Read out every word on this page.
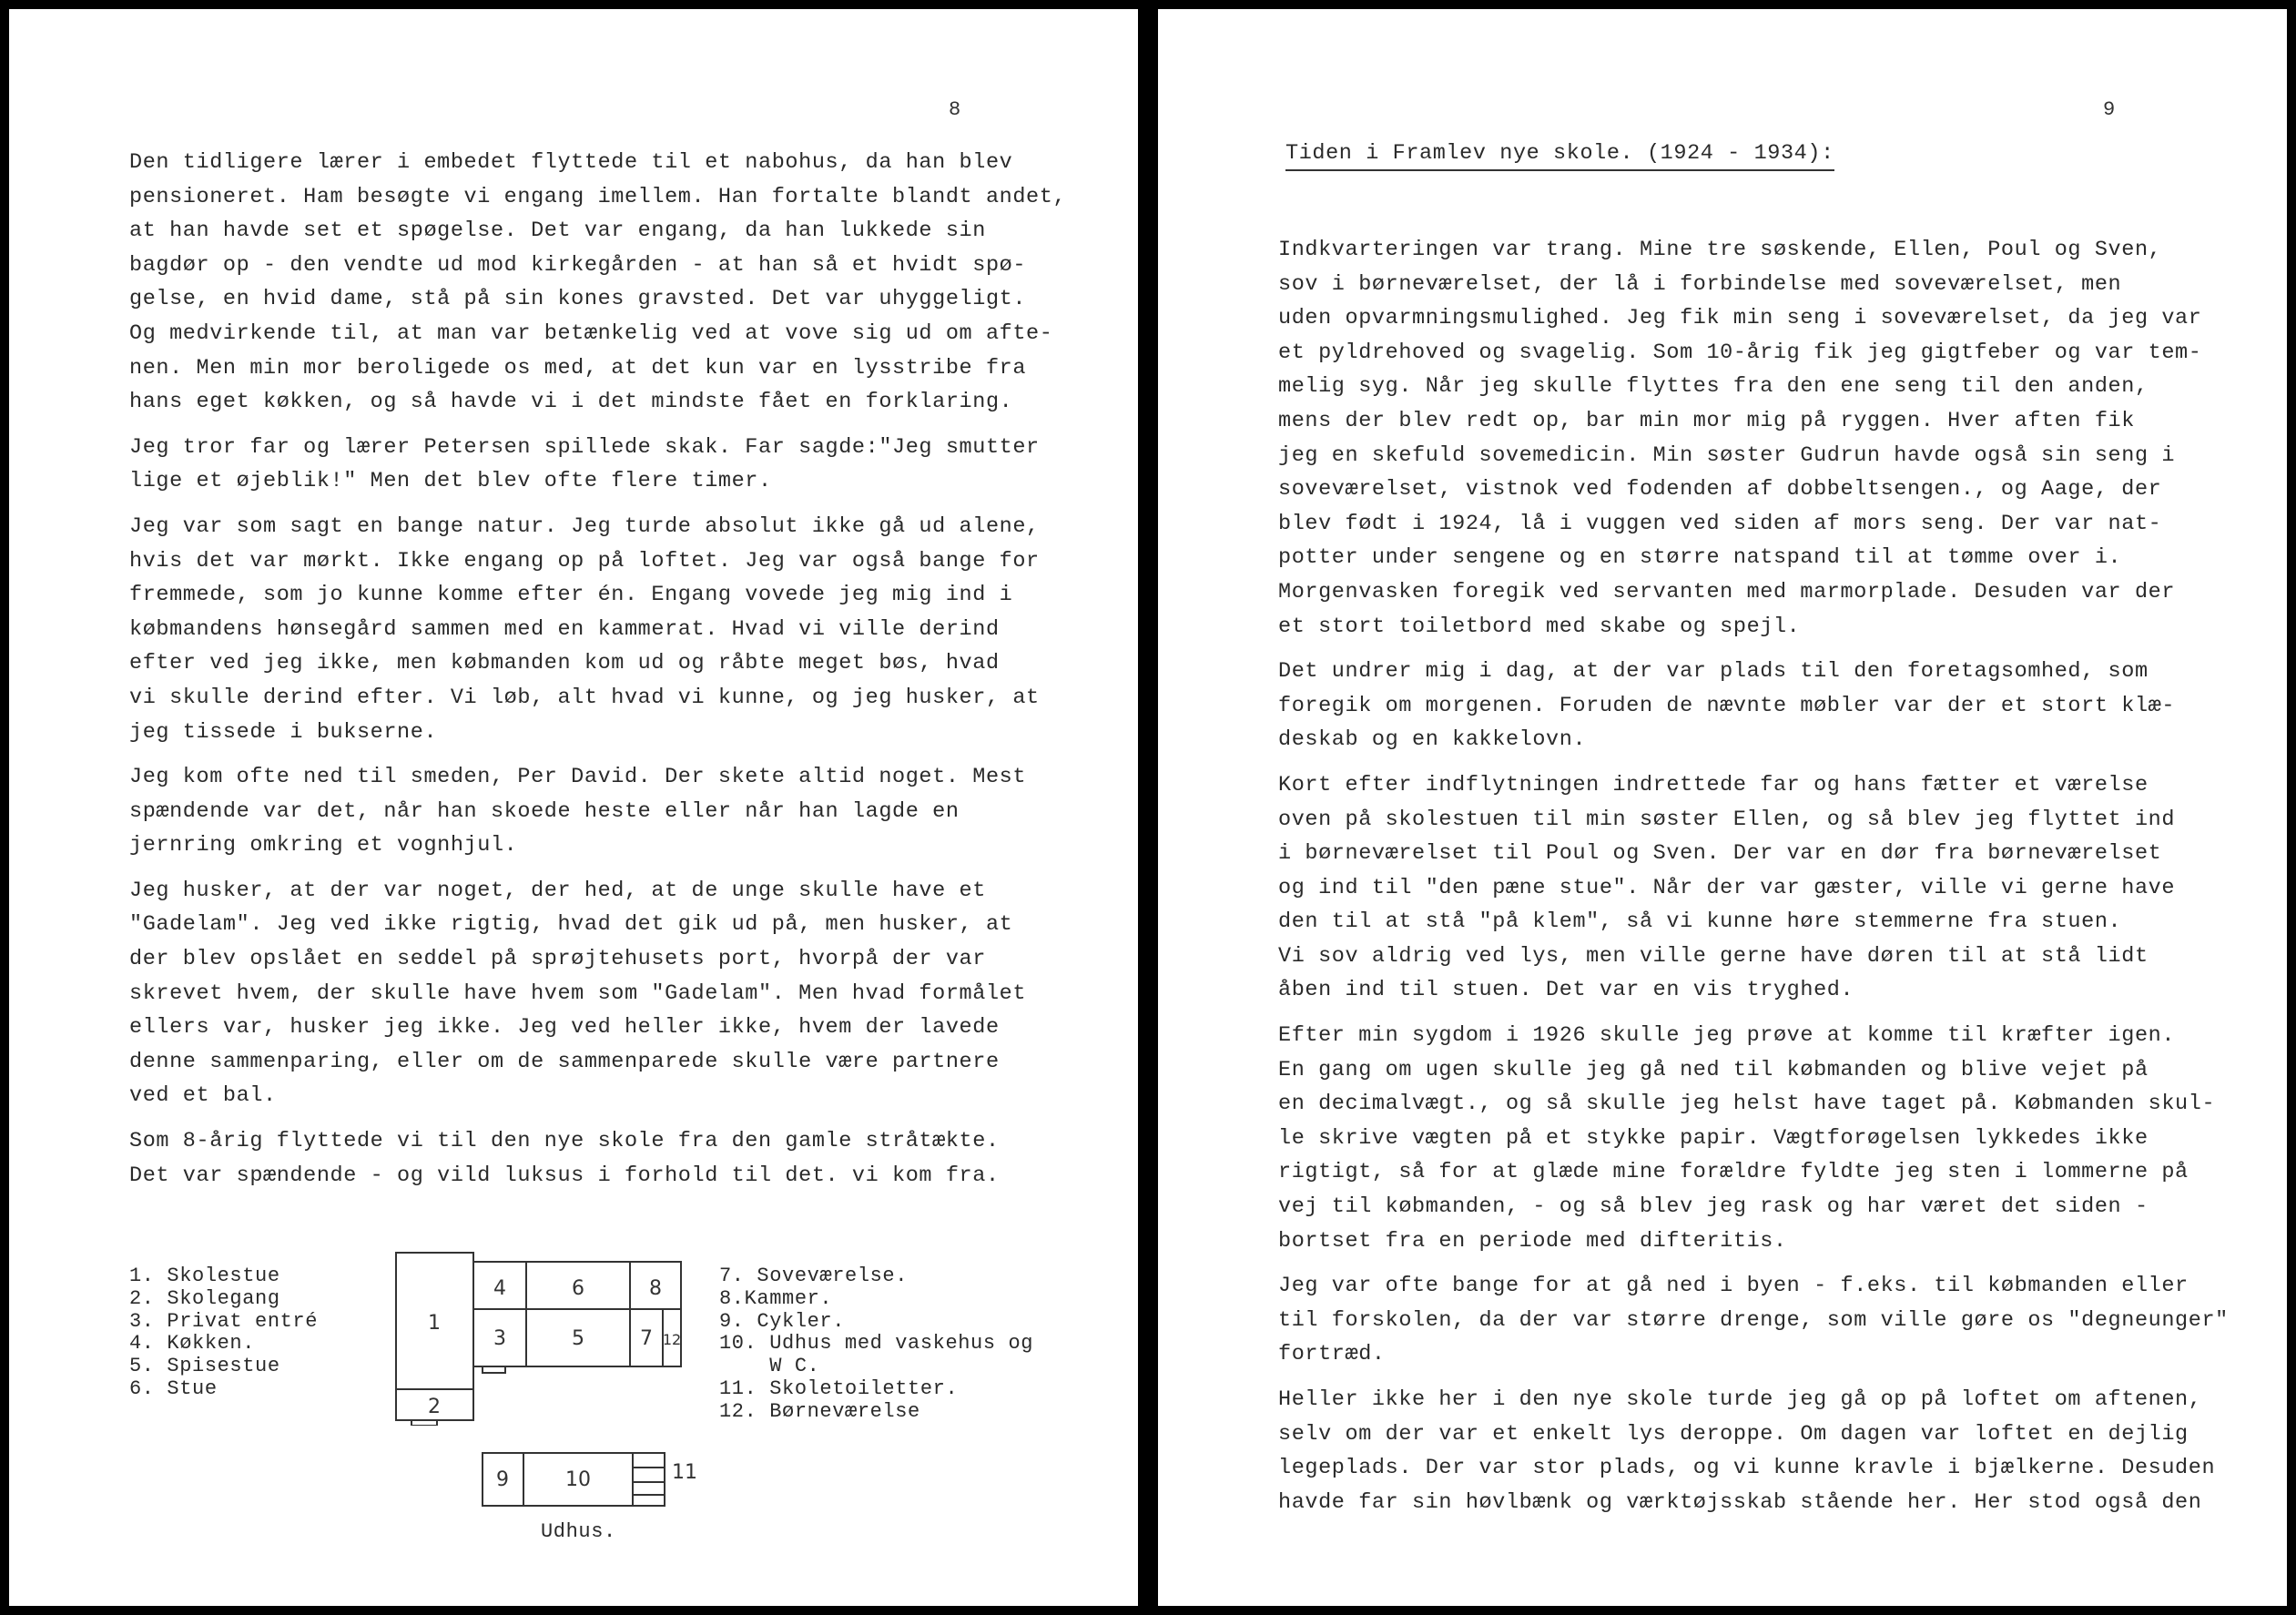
8
Den tidligere lærer i embedet flyttede til et nabohus, da han blev
pensioneret. Ham besøgte vi engang imellem. Han fortalte blandt andet,
at han havde set et spøgelse. Det var engang, da han lukkede sin
bagdør op - den vendte ud mod kirkegården - at han så et hvidt spø-
gelse, en hvid dame, stå på sin kones gravsted. Det var uhyggeligt.
Og medvirkende til, at man var betænkelig ved at vove sig ud om afte-
nen. Men min mor beroligede os med, at det kun var en lysstribe fra
hans eget køkken, og så havde vi i det mindste fået en forklaring.
Jeg tror far og lærer Petersen spillede skak. Far sagde:"Jeg smutter
lige et øjeblik!" Men det blev ofte flere timer.
Jeg var som sagt en bange natur. Jeg turde absolut ikke gå ud alene,
hvis det var mørkt. Ikke engang op på loftet. Jeg var også bange for
fremmede, som jo kunne komme efter én. Engang vovede jeg mig ind i
købmandens hønsegård sammen med en kammerat. Hvad vi ville derind
efter ved jeg ikke, men købmanden kom ud og råbte meget bøs, hvad
vi skulle derind efter. Vi løb, alt hvad vi kunne, og jeg husker, at
jeg tissede i bukserne.
Jeg kom ofte ned til smeden, Per David. Der skete altid noget. Mest
spændende var det, når han skoede heste eller når han lagde en
jernring omkring et vognhjul.
Jeg husker, at der var noget, der hed, at de unge skulle have et
"Gadelam". Jeg ved ikke rigtig, hvad det gik ud på, men husker, at
der blev opslået en seddel på sprøjtehusets port, hvorpå der var
skrevet hvem, der skulle have hvem som "Gadelam". Men hvad formålet
ellers var, husker jeg ikke. Jeg ved heller ikke, hvem der lavede
denne sammenparing, eller om de sammenparede skulle være partnere
ved et bal.
Som 8-årig flyttede vi til den nye skole fra den gamle stråtækte.
Det var spændende - og vild luksus i forhold til det. vi kom fra.
1. Skolestue
2. Skolegang
3. Privat entré
4. Køkken.
5. Spisestue
6. Stue
1
2
3
4
5
6
7
8
12
7. Soveværelse.
8.Kammer.
9. Cykler.
10. Udhus med vaskehus og
W C.
11. Skoletoiletter.
12. Børneværelse
9	10	11
Udhus.
9
Tiden i Framlev nye skole. (1924 - 1934):
Indkvarteringen var trang. Mine tre søskende, Ellen, Poul og Sven,
sov i børneværelset, der lå i forbindelse med soveværelset, men
uden opvarmningsmulighed. Jeg fik min seng i soveværelset, da jeg var
et pyldrehoved og svagelig. Som 10-årig fik jeg gigtfeber og var tem-
melig syg. Når jeg skulle flyttes fra den ene seng til den anden,
mens der blev redt op, bar min mor mig på ryggen. Hver aften fik
jeg en skefuld sovemedicin. Min søster Gudrun havde også sin seng i
soveværelset, vistnok ved fodenden af dobbeltsengen., og Aage, der
blev født i 1924, lå i vuggen ved siden af mors seng. Der var nat-
potter under sengene og en større natspand til at tømme over i.
Morgenvasken foregik ved servanten med marmorplade. Desuden var der
et stort toiletbord med skabe og spejl.
Det undrer mig i dag, at der var plads til den foretagsomhed, som
foregik om morgenen. Foruden de nævnte møbler var der et stort klæ-
deskab og en kakkelovn.
Kort efter indflytningen indrettede far og hans fætter et værelse
oven på skolestuen til min søster Ellen, og så blev jeg flyttet ind
i børneværelset til Poul og Sven. Der var en dør fra børneværelset
og ind til "den pæne stue". Når der var gæster, ville vi gerne have
den til at stå "på klem", så vi kunne høre stemmerne fra stuen.
Vi sov aldrig ved lys, men ville gerne have døren til at stå lidt
åben ind til stuen. Det var en vis tryghed.
Efter min sygdom i 1926 skulle jeg prøve at komme til kræfter igen.
En gang om ugen skulle jeg gå ned til købmanden og blive vejet på
en decimalvægt., og så skulle jeg helst have taget på. Købmanden skul-
le skrive vægten på et stykke papir. Vægtforøgelsen lykkedes ikke
rigtigt, så for at glæde mine forældre fyldte jeg sten i lommerne på
vej til købmanden, - og så blev jeg rask og har været det siden -
bortset fra en periode med difteritis.
Jeg var ofte bange for at gå ned i byen - f.eks. til købmanden eller
til forskolen, da der var større drenge, som ville gøre os "degneunger"
fortræd.
Heller ikke her i den nye skole turde jeg gå op på loftet om aftenen,
selv om der var et enkelt lys deroppe. Om dagen var loftet en dejlig
legeplads. Der var stor plads, og vi kunne kravle i bjælkerne. Desuden
havde far sin høvlbænk og værktøjsskab stående her. Her stod også den
